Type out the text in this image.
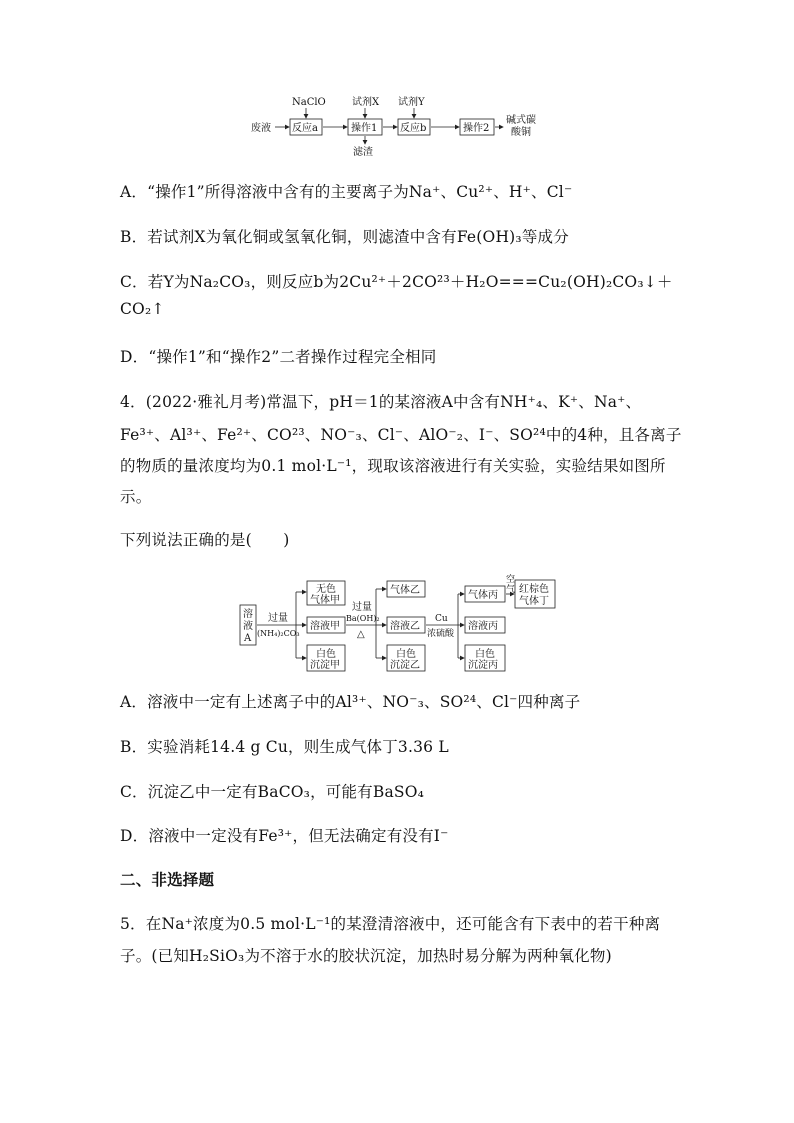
NaClO	试剂X 试剂Y
废液 反应a	操作1 反应b	操作2
碱式碳
酸铜
滤渣
A．“操作1”所得溶液中含有的主要离子为Na⁺、Cu²⁺、H⁺、Cl⁻
B．若试剂X为氧化铜或氢氧化铜，则滤渣中含有Fe(OH)₃等成分
C．若Y为Na₂CO₃，则反应b为2Cu²⁺＋2CO²³＋H₂O===Cu₂(OH)₂CO₃↓＋
CO₂↑
D．“操作1”和“操作2”二者操作过程完全相同
4．(2022·雅礼月考)常温下，pH＝1的某溶液A中含有NH⁺₄、K⁺、Na⁺、
Fe³⁺、Al³⁺、Fe²⁺、CO²³、NO⁻₃、Cl⁻、AlO⁻₂、I⁻、SO²⁴中的4种，且各离子
的物质的量浓度均为0.1 mol·L⁻¹，现取该溶液进行有关实验，实验结果如图所
示。
下列说法正确的是(　　)
溶
液
A
过量
(NH₄)₂CO₃
无色
气体甲
溶液甲
白色
沉淀甲
过量
Ba(OH)₂
△
气体乙
溶液乙
白色
沉淀乙
Cu
浓硫酸
气体丙
空
气 红棕色
气体丁
溶液丙
白色
沉淀丙
A．溶液中一定有上述离子中的Al³⁺、NO⁻₃、SO²⁴、Cl⁻四种离子
B．实验消耗14.4 g Cu，则生成气体丁3.36 L
C．沉淀乙中一定有BaCO₃，可能有BaSO₄
D．溶液中一定没有Fe³⁺，但无法确定有没有I⁻
二、非选择题
5．在Na⁺浓度为0.5 mol·L⁻¹的某澄清溶液中，还可能含有下表中的若干种离
子。(已知H₂SiO₃为不溶于水的胶状沉淀，加热时易分解为两种氧化物)
